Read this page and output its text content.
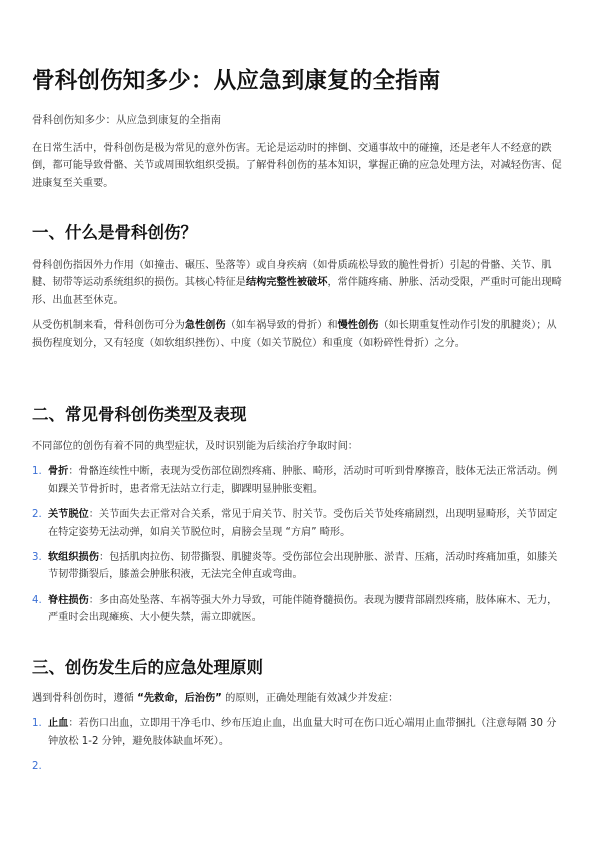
骨科创伤知多少：从应急到康复的全指南
骨科创伤知多少：从应急到康复的全指南

在日常生活中，骨科创伤是极为常见的意外伤害。无论是运动时的摔倒、交通事故中的碰撞，还是老年人不经意的跌倒，都可能导致骨骼、关节或周围软组织受损。了解骨科创伤的基本知识，掌握正确的应急处理方法，对减轻伤害、促进康复至关重要。

一、什么是骨科创伤？

骨科创伤指因外力作用（如撞击、碾压、坠落等）或自身疾病（如骨质疏松导致的脆性骨折）引起的骨骼、关节、肌腱、韧带等运动系统组织的损伤。其核心特征是结构完整性被破坏，常伴随疼痛、肿胀、活动受限，严重时可能出现畸形、出血甚至休克。

从受伤机制来看，骨科创伤可分为急性创伤（如车祸导致的骨折）和慢性创伤（如长期重复性动作引发的肌腱炎）；从损伤程度划分，又有轻度（如软组织挫伤）、中度（如关节脱位）和重度（如粉碎性骨折）之分。

二、常见骨科创伤类型及表现

不同部位的创伤有着不同的典型症状，及时识别能为后续治疗争取时间：

1. 骨折：骨骼连续性中断，表现为受伤部位剧烈疼痛、肿胀、畸形，活动时可听到骨摩擦音，肢体无法正常活动。例如踝关节骨折时，患者常无法站立行走，脚踝明显肿胀变粗。

2. 关节脱位：关节面失去正常对合关系，常见于肩关节、肘关节。受伤后关节处疼痛剧烈，出现明显畸形，关节固定在特定姿势无法动弹，如肩关节脱位时，肩膀会呈现 “方肩” 畸形。

3. 软组织损伤：包括肌肉拉伤、韧带撕裂、肌腱炎等。受伤部位会出现肿胀、淤青、压痛，活动时疼痛加重，如膝关节韧带撕裂后，膝盖会肿胀积液，无法完全伸直或弯曲。

4. 脊柱损伤：多由高处坠落、车祸等强大外力导致，可能伴随脊髓损伤。表现为腰背部剧烈疼痛，肢体麻木、无力，严重时会出现瘫痪、大小便失禁，需立即就医。

三、创伤发生后的应急处理原则

遇到骨科创伤时，遵循 “先救命，后治伤” 的原则，正确处理能有效减少并发症：

1. 止血：若伤口出血，立即用干净毛巾、纱布压迫止血，出血量大时可在伤口近心端用止血带捆扎（注意每隔 30 分钟放松 1-2 分钟，避免肢体缺血坏死）。

2.
